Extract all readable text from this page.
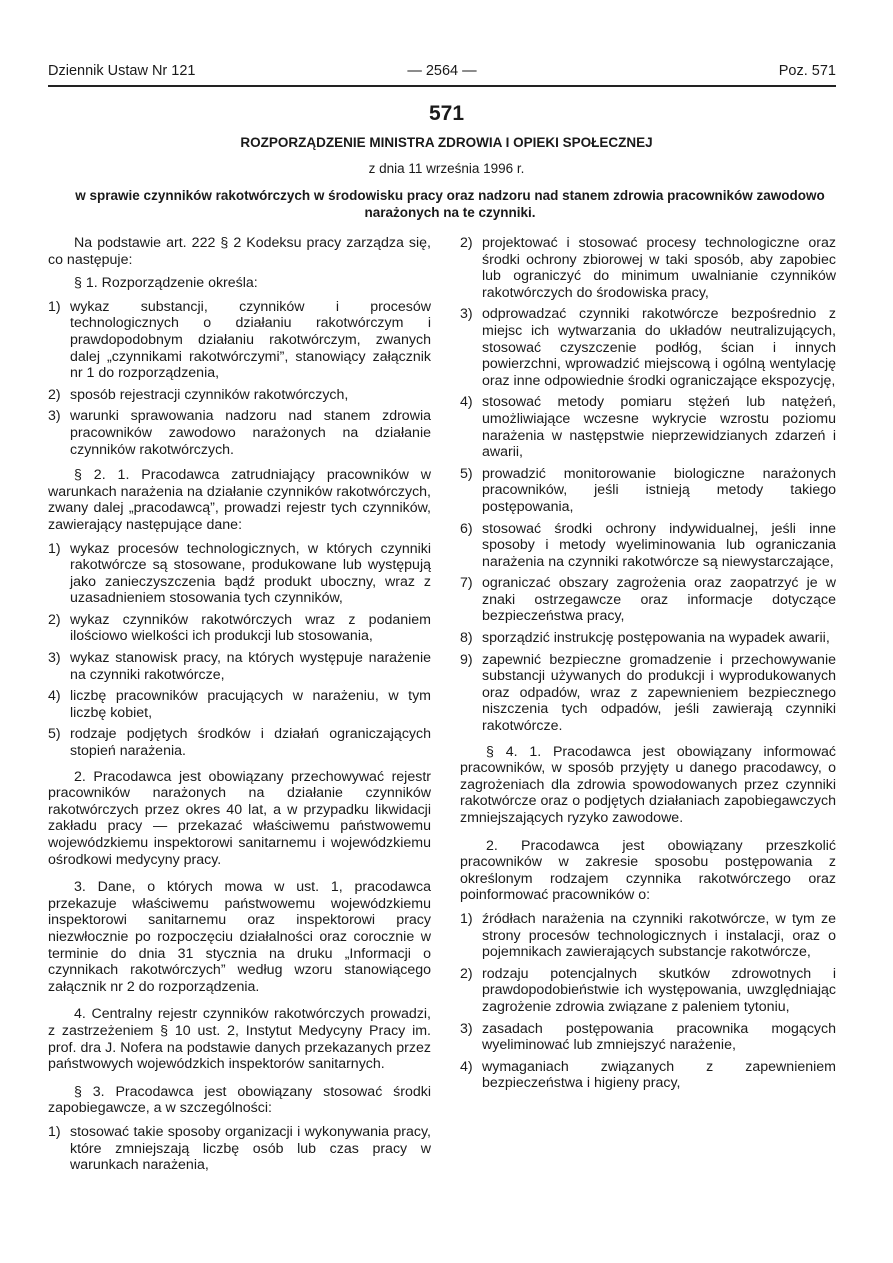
Dziennik Ustaw Nr 121	— 2564 —	Poz. 571
571
ROZPORZĄDZENIE MINISTRA ZDROWIA I OPIEKI SPOŁECZNEJ
z dnia 11 września 1996 r.
w sprawie czynników rakotwórczych w środowisku pracy oraz nadzoru nad stanem zdrowia pracowników zawodowo narażonych na te czynniki.

Na podstawie art. 222 § 2 Kodeksu pracy zarządza się, co następuje:

§ 1. Rozporządzenie określa:

1) wykaz substancji, czynników i procesów technologicznych o działaniu rakotwórczym i prawdopodobnym działaniu rakotwórczym, zwanych dalej „czynnikami rakotwórczymi”, stanowiący załącznik nr 1 do rozporządzenia,
2) sposób rejestracji czynników rakotwórczych,
3) warunki sprawowania nadzoru nad stanem zdrowia pracowników zawodowo narażonych na działanie czynników rakotwórczych.

§ 2. 1. Pracodawca zatrudniający pracowników w warunkach narażenia na działanie czynników rakotwórczych, zwany dalej „pracodawcą”, prowadzi rejestr tych czynników, zawierający następujące dane:

1) wykaz procesów technologicznych, w których czynniki rakotwórcze są stosowane, produkowane lub występują jako zanieczyszczenia bądź produkt uboczny, wraz z uzasadnieniem stosowania tych czynników,
2) wykaz czynników rakotwórczych wraz z podaniem ilościowo wielkości ich produkcji lub stosowania,
3) wykaz stanowisk pracy, na których występuje narażenie na czynniki rakotwórcze,
4) liczbę pracowników pracujących w narażeniu, w tym liczbę kobiet,
5) rodzaje podjętych środków i działań ograniczających stopień narażenia.

2. Pracodawca jest obowiązany przechowywać rejestr pracowników narażonych na działanie czynników rakotwórczych przez okres 40 lat, a w przypadku likwidacji zakładu pracy — przekazać właściwemu państwowemu wojewódzkiemu inspektorowi sanitarnemu i wojewódzkiemu ośrodkowi medycyny pracy.

3. Dane, o których mowa w ust. 1, pracodawca przekazuje właściwemu państwowemu wojewódzkiemu inspektorowi sanitarnemu oraz inspektorowi pracy niezwłocznie po rozpoczęciu działalności oraz corocznie w terminie do dnia 31 stycznia na druku „Informacji o czynnikach rakotwórczych” według wzoru stanowiącego załącznik nr 2 do rozporządzenia.

4. Centralny rejestr czynników rakotwórczych prowadzi, z zastrzeżeniem § 10 ust. 2, Instytut Medycyny Pracy im. prof. dra J. Nofera na podstawie danych przekazanych przez państwowych wojewódzkich inspektorów sanitarnych.

§ 3. Pracodawca jest obowiązany stosować środki zapobiegawcze, a w szczególności:

1) stosować takie sposoby organizacji i wykonywania pracy, które zmniejszają liczbę osób lub czas pracy w warunkach narażenia,
2) projektować i stosować procesy technologiczne oraz środki ochrony zbiorowej w taki sposób, aby zapobiec lub ograniczyć do minimum uwalnianie czynników rakotwórczych do środowiska pracy,
3) odprowadzać czynniki rakotwórcze bezpośrednio z miejsc ich wytwarzania do układów neutralizujących, stosować czyszczenie podłóg, ścian i innych powierzchni, wprowadzić miejscową i ogólną wentylację oraz inne odpowiednie środki ograniczające ekspozycję,
4) stosować metody pomiaru stężeń lub natężeń, umożliwiające wczesne wykrycie wzrostu poziomu narażenia w następstwie nieprzewidzianych zdarzeń i awarii,
5) prowadzić monitorowanie biologiczne narażonych pracowników, jeśli istnieją metody takiego postępowania,
6) stosować środki ochrony indywidualnej, jeśli inne sposoby i metody wyeliminowania lub ograniczania narażenia na czynniki rakotwórcze są niewystarczające,
7) ograniczać obszary zagrożenia oraz zaopatrzyć je w znaki ostrzegawcze oraz informacje dotyczące bezpieczeństwa pracy,
8) sporządzić instrukcję postępowania na wypadek awarii,
9) zapewnić bezpieczne gromadzenie i przechowywanie substancji używanych do produkcji i wyprodukowanych oraz odpadów, wraz z zapewnieniem bezpiecznego niszczenia tych odpadów, jeśli zawierają czynniki rakotwórcze.

§ 4. 1. Pracodawca jest obowiązany informować pracowników, w sposób przyjęty u danego pracodawcy, o zagrożeniach dla zdrowia spowodowanych przez czynniki rakotwórcze oraz o podjętych działaniach zapobiegawczych zmniejszających ryzyko zawodowe.

2. Pracodawca jest obowiązany przeszkolić pracowników w zakresie sposobu postępowania z określonym rodzajem czynnika rakotwórczego oraz poinformować pracowników o:

1) źródłach narażenia na czynniki rakotwórcze, w tym ze strony procesów technologicznych i instalacji, oraz o pojemnikach zawierających substancje rakotwórcze,
2) rodzaju potencjalnych skutków zdrowotnych i prawdopodobieństwie ich występowania, uwzględniając zagrożenie zdrowia związane z paleniem tytoniu,
3) zasadach postępowania pracownika mogących wyeliminować lub zmniejszyć narażenie,
4) wymaganiach związanych z zapewnieniem bezpieczeństwa i higieny pracy,
